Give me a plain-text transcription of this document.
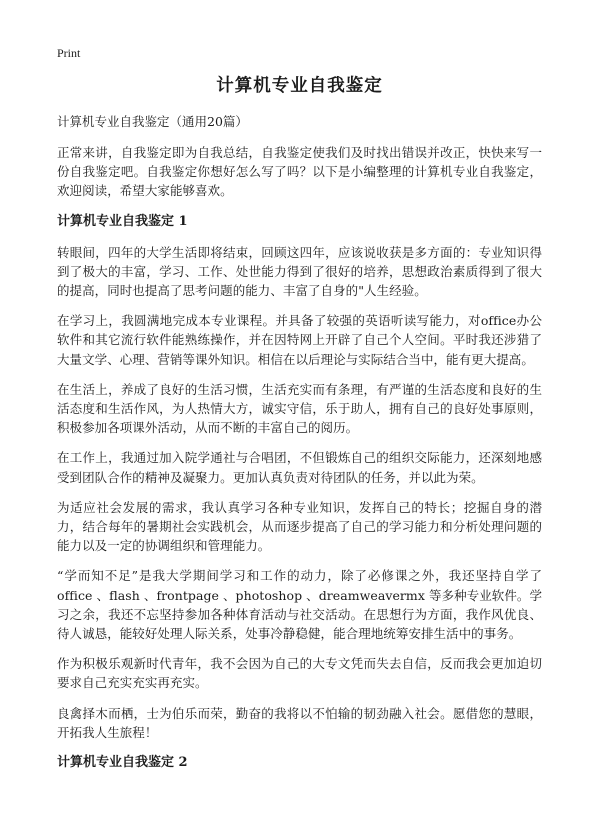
Print
计算机专业自我鉴定

计算机专业自我鉴定（通用20篇）

正常来讲，自我鉴定即为自我总结，自我鉴定使我们及时找出错误并改正，快快来写一份自我鉴定吧。自我鉴定你想好怎么写了吗？以下是小编整理的计算机专业自我鉴定，欢迎阅读，希望大家能够喜欢。

计算机专业自我鉴定 1

转眼间，四年的大学生活即将结束，回顾这四年，应该说收获是多方面的：专业知识得到了极大的丰富，学习、工作、处世能力得到了很好的培养，思想政治素质得到了很大的提高，同时也提高了思考问题的能力、丰富了自身的"人生经验。

在学习上，我圆满地完成本专业课程。并具备了较强的英语听读写能力，对office办公软件和其它流行软件能熟练操作，并在因特网上开辟了自己个人空间。平时我还涉猎了大量文学、心理、营销等课外知识。相信在以后理论与实际结合当中，能有更大提高。

在生活上，养成了良好的生活习惯，生活充实而有条理，有严谨的生活态度和良好的生活态度和生活作风，为人热情大方，诚实守信，乐于助人，拥有自己的良好处事原则，积极参加各项课外活动，从而不断的丰富自己的阅历。

在工作上，我通过加入院学通社与合唱团，不但锻炼自己的组织交际能力，还深刻地感受到团队合作的精神及凝聚力。更加认真负责对待团队的任务，并以此为荣。

为适应社会发展的需求，我认真学习各种专业知识，发挥自己的特长；挖掘自身的潜力，结合每年的暑期社会实践机会，从而逐步提高了自己的学习能力和分析处理问题的能力以及一定的协调组织和管理能力。

“学而知不足”是我大学期间学习和工作的动力，除了必修课之外，我还坚持自学了office 、flash 、frontpage 、photoshop 、dreamweavermx 等多种专业软件。学习之余，我还不忘坚持参加各种体育活动与社交活动。在思想行为方面，我作风优良、待人诚恳，能较好处理人际关系，处事冷静稳健，能合理地统筹安排生活中的事务。

作为积极乐观新时代青年，我不会因为自己的大专文凭而失去自信，反而我会更加迫切要求自己充实充实再充实。

良禽择木而栖，士为伯乐而荣，勤奋的我将以不怕输的韧劲融入社会。愿借您的慧眼，开拓我人生旅程！

计算机专业自我鉴定 2
